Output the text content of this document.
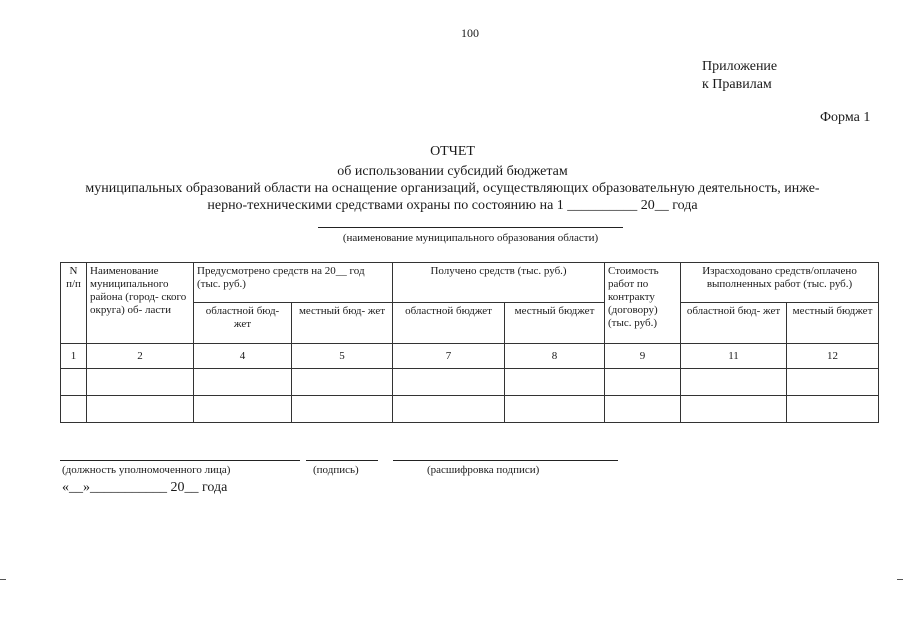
100
Приложение
к Правилам
Форма 1
ОТЧЕТ
об использовании субсидий бюджетам
муниципальных образований области на оснащение организаций, осуществляющих образовательную деятельность, инже-
нерно-техническими средствами охраны по состоянию на 1 __________ 20__ года
(наименование муниципального образования области)
N п/п	Наименование муниципального района (город- ского округа) об- ласти	Предусмотрено средств на 20__ год (тыс. руб.)		Получено средств (тыс. руб.)		Стоимость работ по контракту (договору) (тыс. руб.)	Израсходовано средств/оплачено выполненных работ (тыс. руб.)	
		областной бюд- жет	местный бюд- жет	областной бюджет	местный бюджет		областной бюд- жет	местный бюджет
1	2	4	5	7	8	9	11	12

(должность уполномоченного лица)	(подпись)	(расшифровка подписи)
«__»___________ 20__ года
